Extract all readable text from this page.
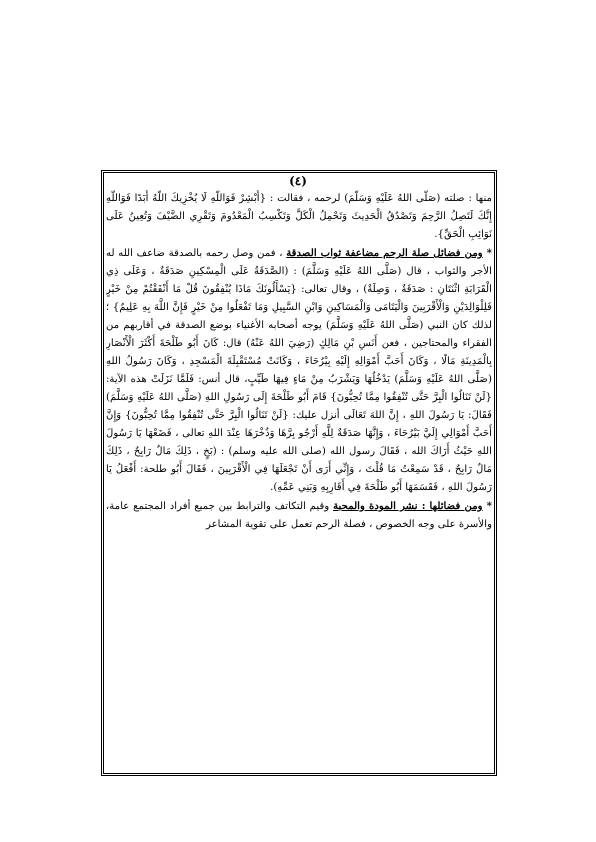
(٤)

منها : صلته (صَلَّى اللهُ عَلَيْهِ وَسَلَّمَ) لرحمه ، فقالت : {أَبْشِرْ فَوَاللَّهِ لَا يُخْزِيكَ اللَّهُ أَبَدًا فَوَاللَّهِ إِنَّكَ لَتَصِلُ الرَّحِمَ وَتَصْدُقُ الْحَدِيثَ وَتَحْمِلُ الْكَلَّ وَتَكْسِبُ الْمَعْدُومَ وَتَقْرِي الضَّيْفَ وَتُعِينُ عَلَى نَوَائِبِ الْحَقِّ}.

* ومن فضائل صلة الرحم مضاعفة ثواب الصدقة ، فمن وصل رحمه بالصدقة ضاعف الله له الأجر والثواب ، قال (صَلَّى اللهُ عَلَيْهِ وَسَلَّمَ) : (الصَّدَقَةُ عَلَى الْمِسْكِينِ صَدَقَةٌ ، وَعَلَى ذِي الْقَرَابَةِ اثْنَتَانِ : صَدَقَةٌ ، وَصِلَةٌ) ، وقال تعالى: {يَسْأَلُونَكَ مَاذَا يُنْفِقُونَ قُلْ مَا أَنْفَقْتُمْ مِنْ خَيْرٍ فَلِلْوَالِدَيْنِ وَالْأَقْرَبِينَ وَالْيَتَامَى وَالْمَسَاكِينِ وَابْنِ السَّبِيلِ وَمَا تَفْعَلُوا مِنْ خَيْرٍ فَإِنَّ اللَّهَ بِهِ عَلِيمٌ} ؛ لذلك كان النبي (صَلَّى اللهُ عَلَيْهِ وَسَلَّمَ) يوجه أصحابه الأغنياء بوضع الصدقة في أقاربهم من الفقراء والمحتاجين ، فعن أَنَسِ بْنِ مَالِكٍ (رَضِيَ اللهُ عَنْهُ) قال: كَانَ أَبُو طَلْحَةَ أَكْثَرَ الْأَنْصَارِ بِالْمَدِينَةِ مَالًا ، وَكَانَ أَحَبَّ أَمْوَالِهِ إِلَيْهِ بِيْرُحَاءَ ، وَكَانَتْ مُسْتَقْبِلَةَ الْمَسْجِدِ ، وَكَانَ رَسُولُ اللهِ (صَلَّى اللهُ عَلَيْهِ وَسَلَّمَ) يَدْخُلُهَا وَيَشْرَبُ مِنْ مَاءٍ فِيهَا طَيِّبٍ، قال أنس: فَلَمَّا نَزَلَتْ هذه الآية:{لَنْ تَنَالُوا الْبِرَّ حَتَّى تُنْفِقُوا مِمَّا تُحِبُّونَ} قَامَ أَبُو طَلْحَةَ إِلَى رَسُولِ اللهِ (صَلَّى اللهُ عَلَيْهِ وَسَلَّمَ) فَقَالَ: يَا رَسُولَ اللهِ ، إِنَّ اللهَ تَعَالَى أنزل عليك: {لَنْ تَنَالُوا الْبِرَّ حَتَّى تُنْفِقُوا مِمَّا تُحِبُّونَ} وَإِنَّ أَحَبَّ أَمْوَالِي إِلَيَّ بَيْرُحَاءَ ، وَإِنَّهَا صَدَقَةٌ لِلَّهِ أَرْجُو بِرَّهَا وَذُخْرَهَا عِنْدَ اللهِ تعالى ، فَضَعْهَا يَا رَسُولَ اللهِ حَيْثُ أَرَاكَ الله ، فَقَالَ رسول الله (صلى الله عليه وسلم) : (بَخٍ ، ذَلِكَ مَالٌ رَابِحٌ ، ذَلِكَ مَالٌ رَابِحٌ ، قَدْ سَمِعْتُ مَا قُلْتَ ، وَإِنِّي أَرَى أَنْ تَجْعَلَهَا فِي الْأَقْرَبِينَ ، فَقَالَ أَبُو طلحة: أَفْعَلُ يَا رَسُولَ اللهِ ، فَقَسَمَهَا أَبُو طَلْحَةَ فِي أَقَارِبِهِ وَبَنِي عَمِّهِ).

* ومن فضائلها : نشر المودة والمحبة وقيم التكاتف والترابط بين جميع أفراد المجتمع عامة، والأسرة على وجه الخصوص ، فصلة الرحم تعمل على تقوية المشاعر
